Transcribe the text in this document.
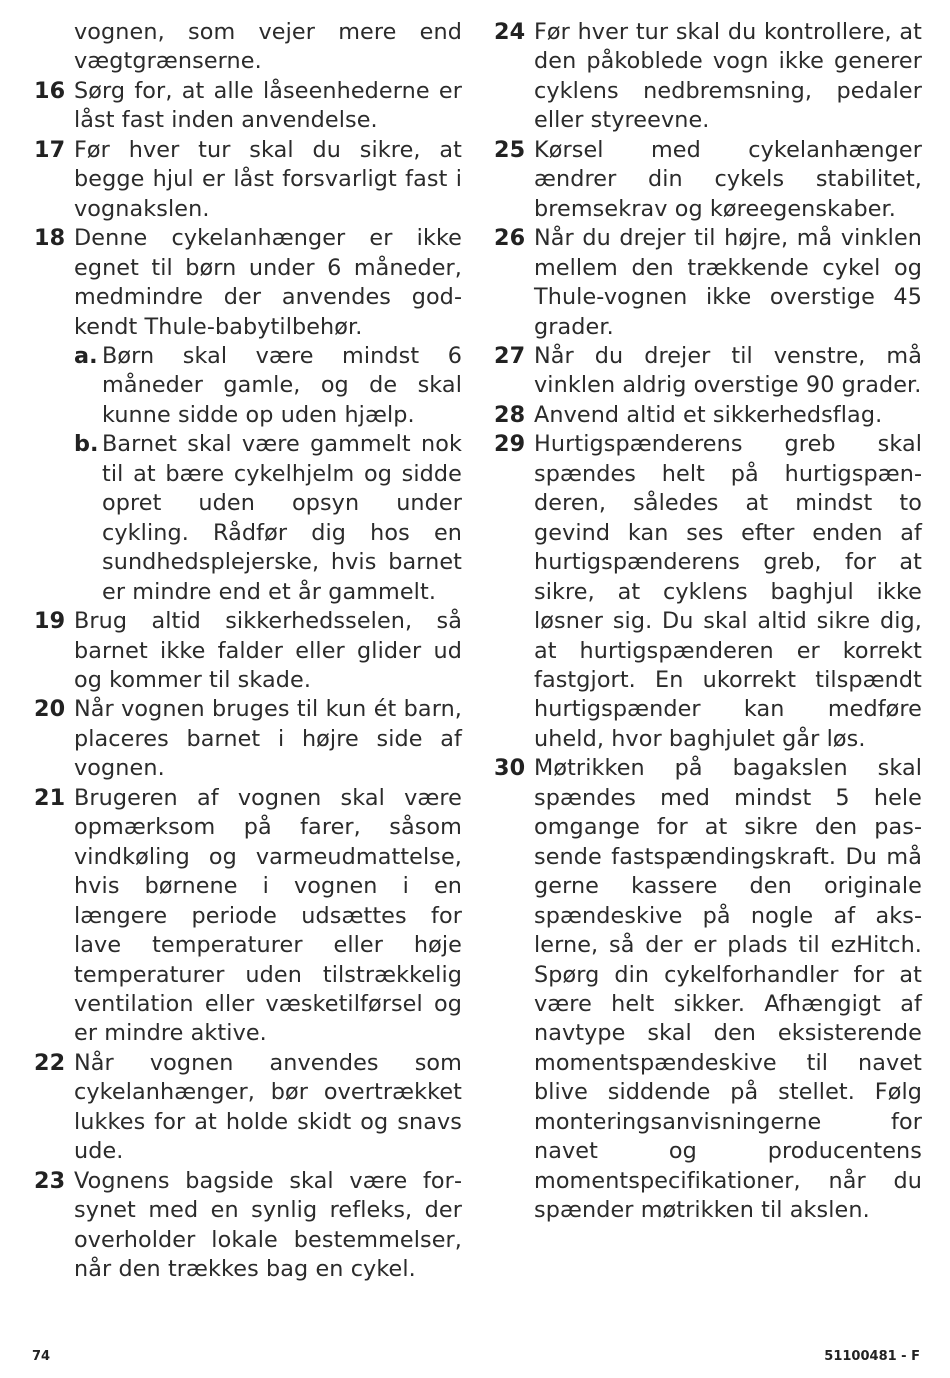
vognen, som vejer mere end vægtgrænserne.
16 Sørg for, at alle låseenhederne er låst fast inden anvendelse.
17 Før hver tur skal du sikre, at begge hjul er låst forsvarligt fast i vognakslen.
18 Denne cykelanhænger er ikke egnet til børn under 6 måneder, medmindre der anvendes godkendt Thule-babytilbehør.
a. Børn skal være mindst 6 måneder gamle, og de skal kunne sidde op uden hjælp.
b. Barnet skal være gammelt nok til at bære cykelhjelm og sidde opret uden opsyn under cykling. Rådfør dig hos en sundhedsplejerske, hvis barnet er mindre end et år gammelt.
19 Brug altid sikkerhedsselen, så barnet ikke falder eller glider ud og kommer til skade.
20 Når vognen bruges til kun ét barn, placeres barnet i højre side af vognen.
21 Brugeren af vognen skal være opmærksom på farer, såsom vindkøling og varmeudmattelse, hvis børnene i vognen i en længere periode udsættes for lave temperaturer eller høje temperaturer uden tilstrækkelig ventilation eller væsketilførsel og er mindre aktive.
22 Når vognen anvendes som cykelanhænger, bør overtrækket lukkes for at holde skidt og snavs ude.
23 Vognens bagside skal være forsynet med en synlig refleks, der overholder lokale bestemmelser, når den trækkes bag en cykel.
24 Før hver tur skal du kontrollere, at den påkoblede vogn ikke generer cyklens nedbremsning, pedaler eller styreevne.
25 Kørsel med cykelanhænger ændrer din cykels stabilitet, bremsekrav og køreegenskaber.
26 Når du drejer til højre, må vinklen mellem den trækkende cykel og Thule-vognen ikke overstige 45 grader.
27 Når du drejer til venstre, må vinklen aldrig overstige 90 grader.
28 Anvend altid et sikkerhedsflag.
29 Hurtigspænderens greb skal spændes helt på hurtigspænderen, således at mindst to gevind kan ses efter enden af hurtigspænderens greb, for at sikre, at cyklens baghjul ikke løsner sig. Du skal altid sikre dig, at hurtigspænderen er korrekt fastgjort. En ukorrekt tilspændt hurtigspænder kan medføre uheld, hvor baghjulet går løs.
30 Møtrikken på bagakslen skal spændes med mindst 5 hele omgange for at sikre den passende fastspændingskraft. Du må gerne kassere den originale spændeskive på nogle af akslerne, så der er plads til ezHitch. Spørg din cykelforhandler for at være helt sikker. Afhængigt af navtype skal den eksisterende momentspændeskive til navet blive siddende på stellet. Følg monteringsanvisningerne for navet og producentens momentspecifikationer, når du spænder møtrikken til akslen.
74	51100481 - F
